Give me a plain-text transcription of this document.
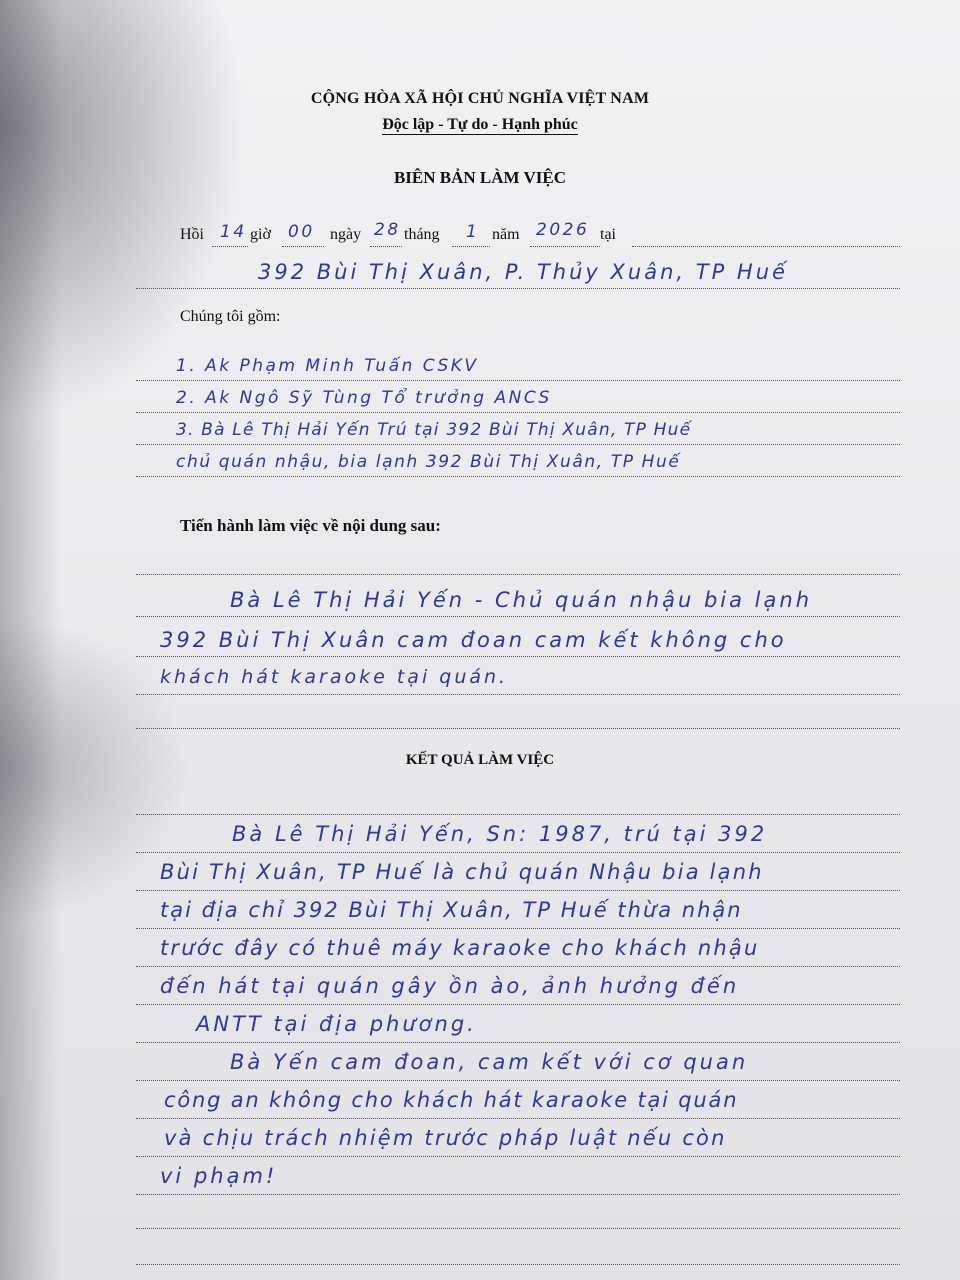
CỘNG HÒA XÃ HỘI CHỦ NGHĨA VIỆT NAM
Độc lập - Tự do - Hạnh phúc
BIÊN BẢN LÀM VIỆC
Hồi 14 giờ 00 ngày 28 tháng 1 năm 2026 tại
392 Bùi Thị Xuân, P. Thủy Xuân, TP Huế
Chúng tôi gồm:
1. Ak Phạm Minh Tuấn CSKV
2. Ak Ngô Sỹ Tùng Tổ trưởng ANCS
3. Bà Lê Thị Hải Yến Trú tại 392 Bùi Thị Xuân, TP Huế
chủ quán nhậu, bia lạnh 392 Bùi Thị Xuân, TP Huế
Tiến hành làm việc về nội dung sau:
Bà Lê Thị Hải Yến - Chủ quán nhậu bia lạnh
392 Bùi Thị Xuân cam đoan cam kết không cho
khách hát karaoke tại quán.
KẾT QUẢ LÀM VIỆC
Bà Lê Thị Hải Yến, Sn: 1987, trú tại 392
Bùi Thị Xuân, TP Huế là chủ quán Nhậu bia lạnh
tại địa chỉ 392 Bùi Thị Xuân, TP Huế thừa nhận
trước đây có thuê máy karaoke cho khách nhậu
đến hát tại quán gây ồn ào, ảnh hưởng đến
ANTT tại địa phương.
Bà Yến cam đoan, cam kết với cơ quan
công an không cho khách hát karaoke tại quán
và chịu trách nhiệm trước pháp luật nếu còn
vi phạm!
